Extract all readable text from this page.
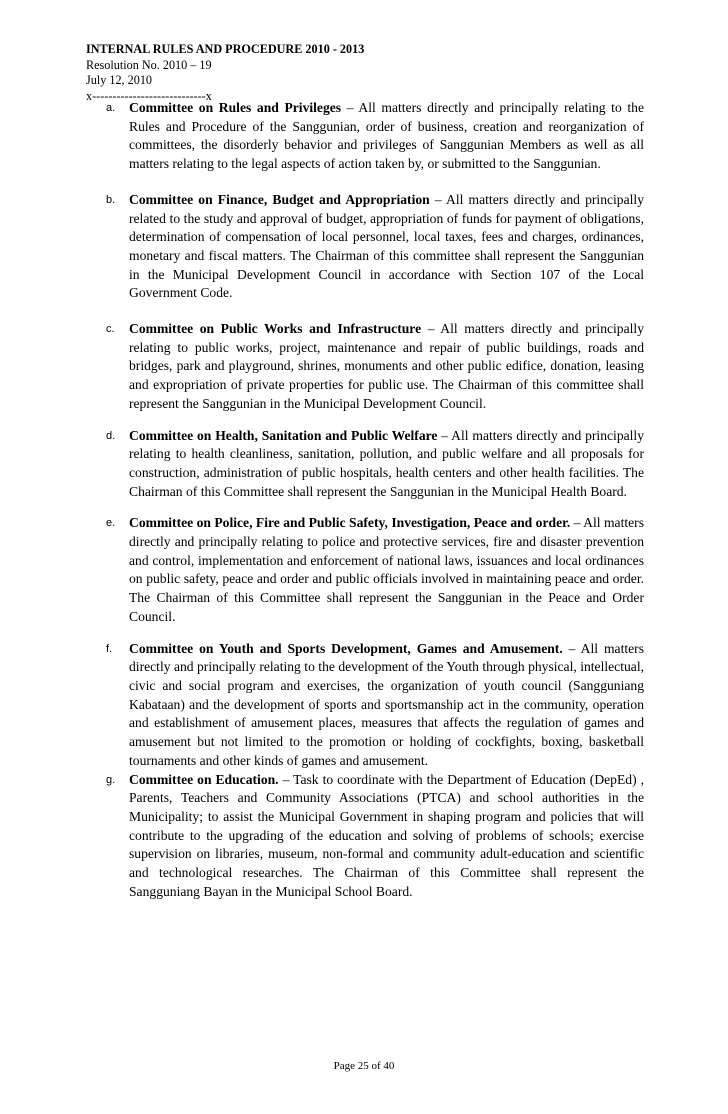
INTERNAL RULES AND PROCEDURE 2010 - 2013
Resolution No. 2010 – 19
July 12, 2010
x----------------------------x
a. Committee on Rules and Privileges – All matters directly and principally relating to the Rules and Procedure of the Sanggunian, order of business, creation and reorganization of committees, the disorderly behavior and privileges of Sanggunian Members as well as all matters relating to the legal aspects of action taken by, or submitted to the Sanggunian.
b. Committee on Finance, Budget and Appropriation – All matters directly and principally related to the study and approval of budget, appropriation of funds for payment of obligations, determination of compensation of local personnel, local taxes, fees and charges, ordinances, monetary and fiscal matters. The Chairman of this committee shall represent the Sanggunian in the Municipal Development Council in accordance with Section 107 of the Local Government Code.
c. Committee on Public Works and Infrastructure – All matters directly and principally relating to public works, project, maintenance and repair of public buildings, roads and bridges, park and playground, shrines, monuments and other public edifice, donation, leasing and expropriation of private properties for public use. The Chairman of this committee shall represent the Sanggunian in the Municipal Development Council.
d. Committee on Health, Sanitation and Public Welfare – All matters directly and principally relating to health cleanliness, sanitation, pollution, and public welfare and all proposals for construction, administration of public hospitals, health centers and other health facilities. The Chairman of this Committee shall represent the Sanggunian in the Municipal Health Board.
e. Committee on Police, Fire and Public Safety, Investigation, Peace and order. – All matters directly and principally relating to police and protective services, fire and disaster prevention and control, implementation and enforcement of national laws, issuances and local ordinances on public safety, peace and order and public officials involved in maintaining peace and order. The Chairman of this Committee shall represent the Sanggunian in the Peace and Order Council.
f. Committee on Youth and Sports Development, Games and Amusement. – All matters directly and principally relating to the development of the Youth through physical, intellectual, civic and social program and exercises, the organization of youth council (Sangguniang Kabataan) and the development of sports and sportsmanship act in the community, operation and establishment of amusement places, measures that affects the regulation of games and amusement but not limited to the promotion or holding of cockfights, boxing, basketball tournaments and other kinds of games and amusement.
g. Committee on Education. – Task to coordinate with the Department of Education (DepEd) , Parents, Teachers and Community Associations (PTCA) and school authorities in the Municipality; to assist the Municipal Government in shaping program and policies that will contribute to the upgrading of the education and solving of problems of schools; exercise supervision on libraries, museum, non-formal and community adult-education and scientific and technological researches. The Chairman of this Committee shall represent the Sangguniang Bayan in the Municipal School Board.
Page 25 of 40
